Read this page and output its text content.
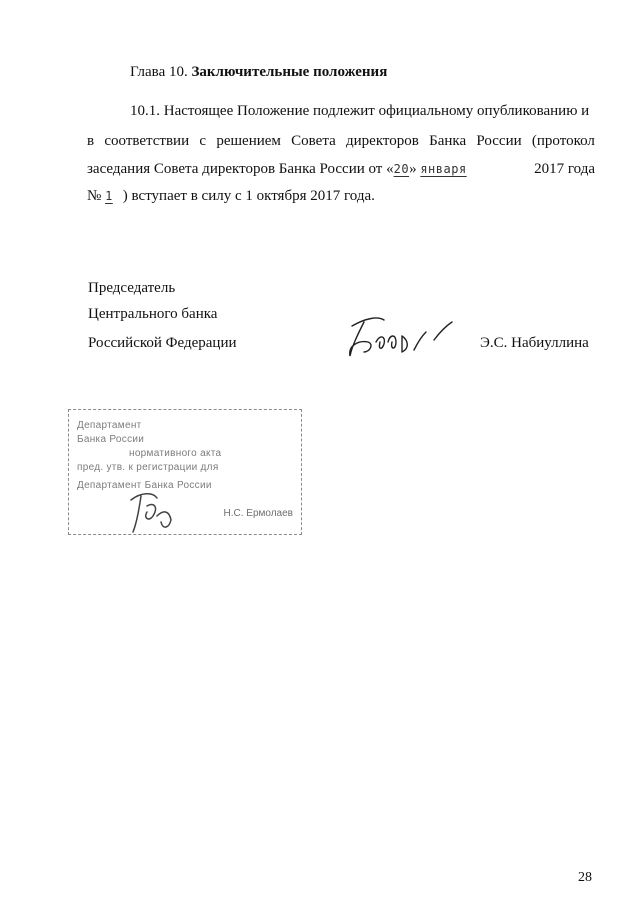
Глава 10. Заключительные положения
10.1. Настоящее Положение подлежит официальному опубликованию и
в соответствии с решением Совета директоров Банка России (протокол
заседания Совета директоров Банка России от «20» января	2017 года
№ 1 ) вступает в силу с 1 октября 2017 года.
Председатель
Центрального банка
Российской Федерации	Э.С. Набиуллина
Департамент
Банка России
нормативного акта
пред. утв. к регистрации для
Департамент Банка России
Н.С. Ермолаев
28
